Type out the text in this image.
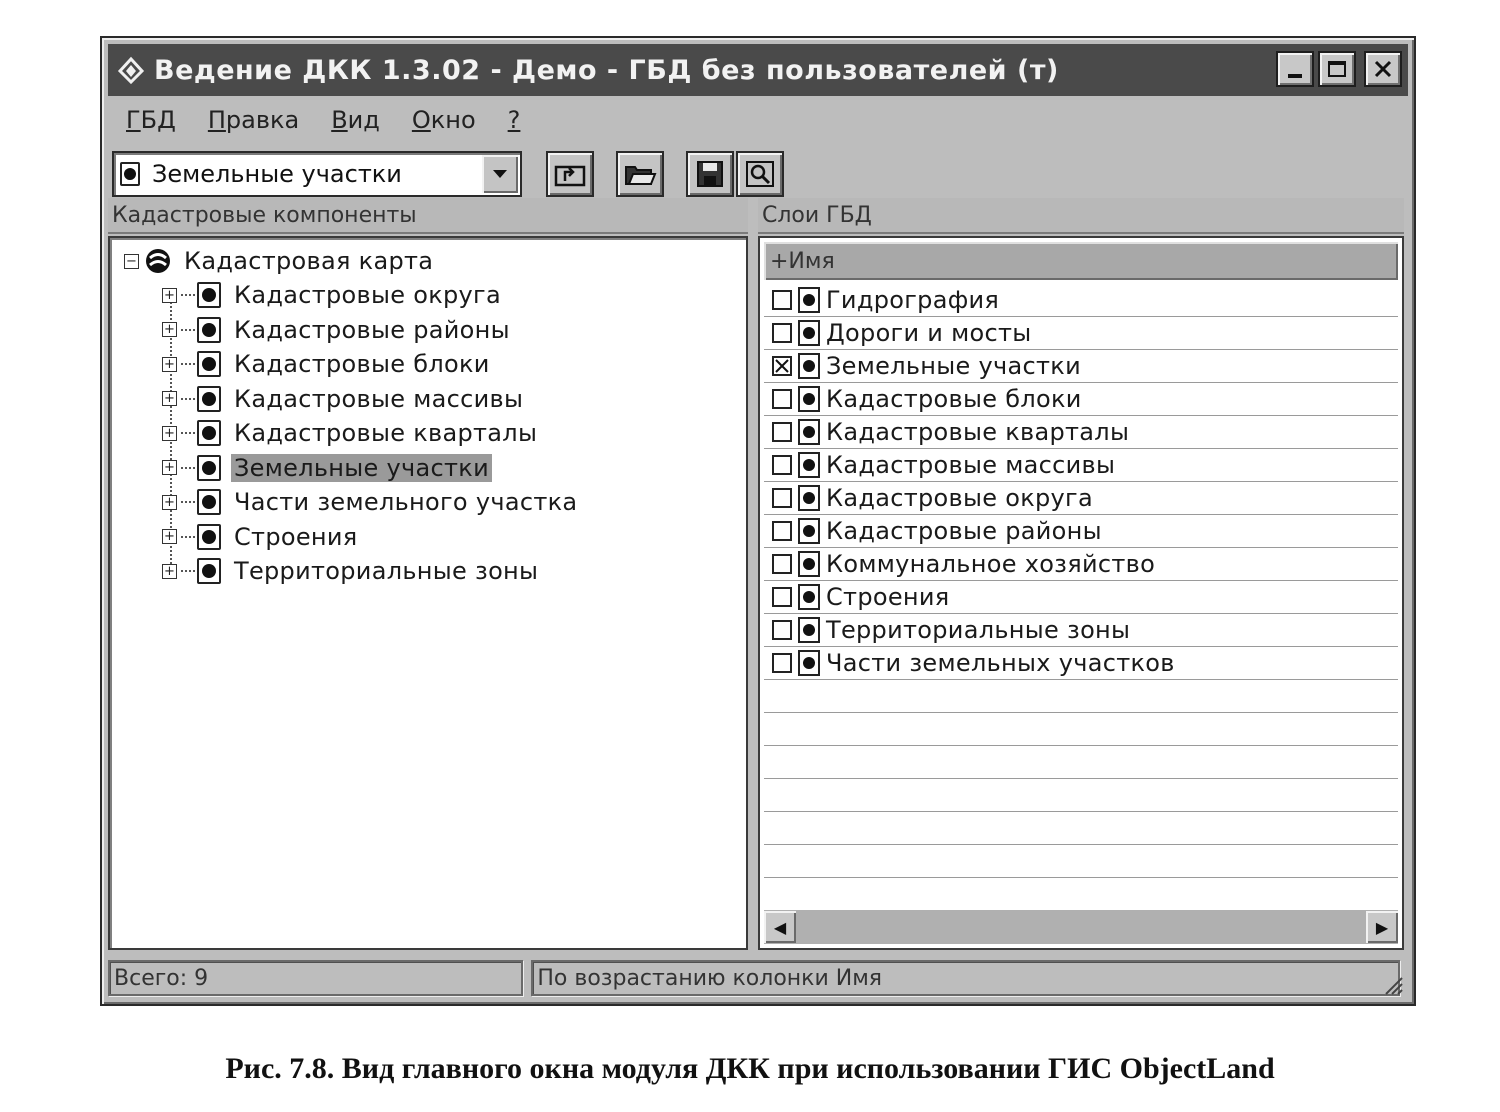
Ведение ДКК 1.3.02 - Демо - ГБД без пользователей (т)
ГБД Правка Вид Окно ?
Земельные участки
Кадастровые компоненты	Слои ГБД
− Кадастровая карта
+ Кадастровые округа
+ Кадастровые районы
+ Кадастровые блоки
+ Кадастровые массивы
+ Кадастровые кварталы
+ Земельные участки
+ Части земельного участка
+ Строения
+ Территориальные зоны
+Имя
Гидрография
Дороги и мосты
Земельные участки
Кадастровые блоки
Кадастровые кварталы
Кадастровые массивы
Кадастровые округа
Кадастровые районы
Коммунальное хозяйство
Строения
Территориальные зоны
Части земельных участков
◀	▶
Всего: 9	По возрастанию колонки Имя
Рис. 7.8. Вид главного окна модуля ДКК при использовании ГИС ObjectLand
